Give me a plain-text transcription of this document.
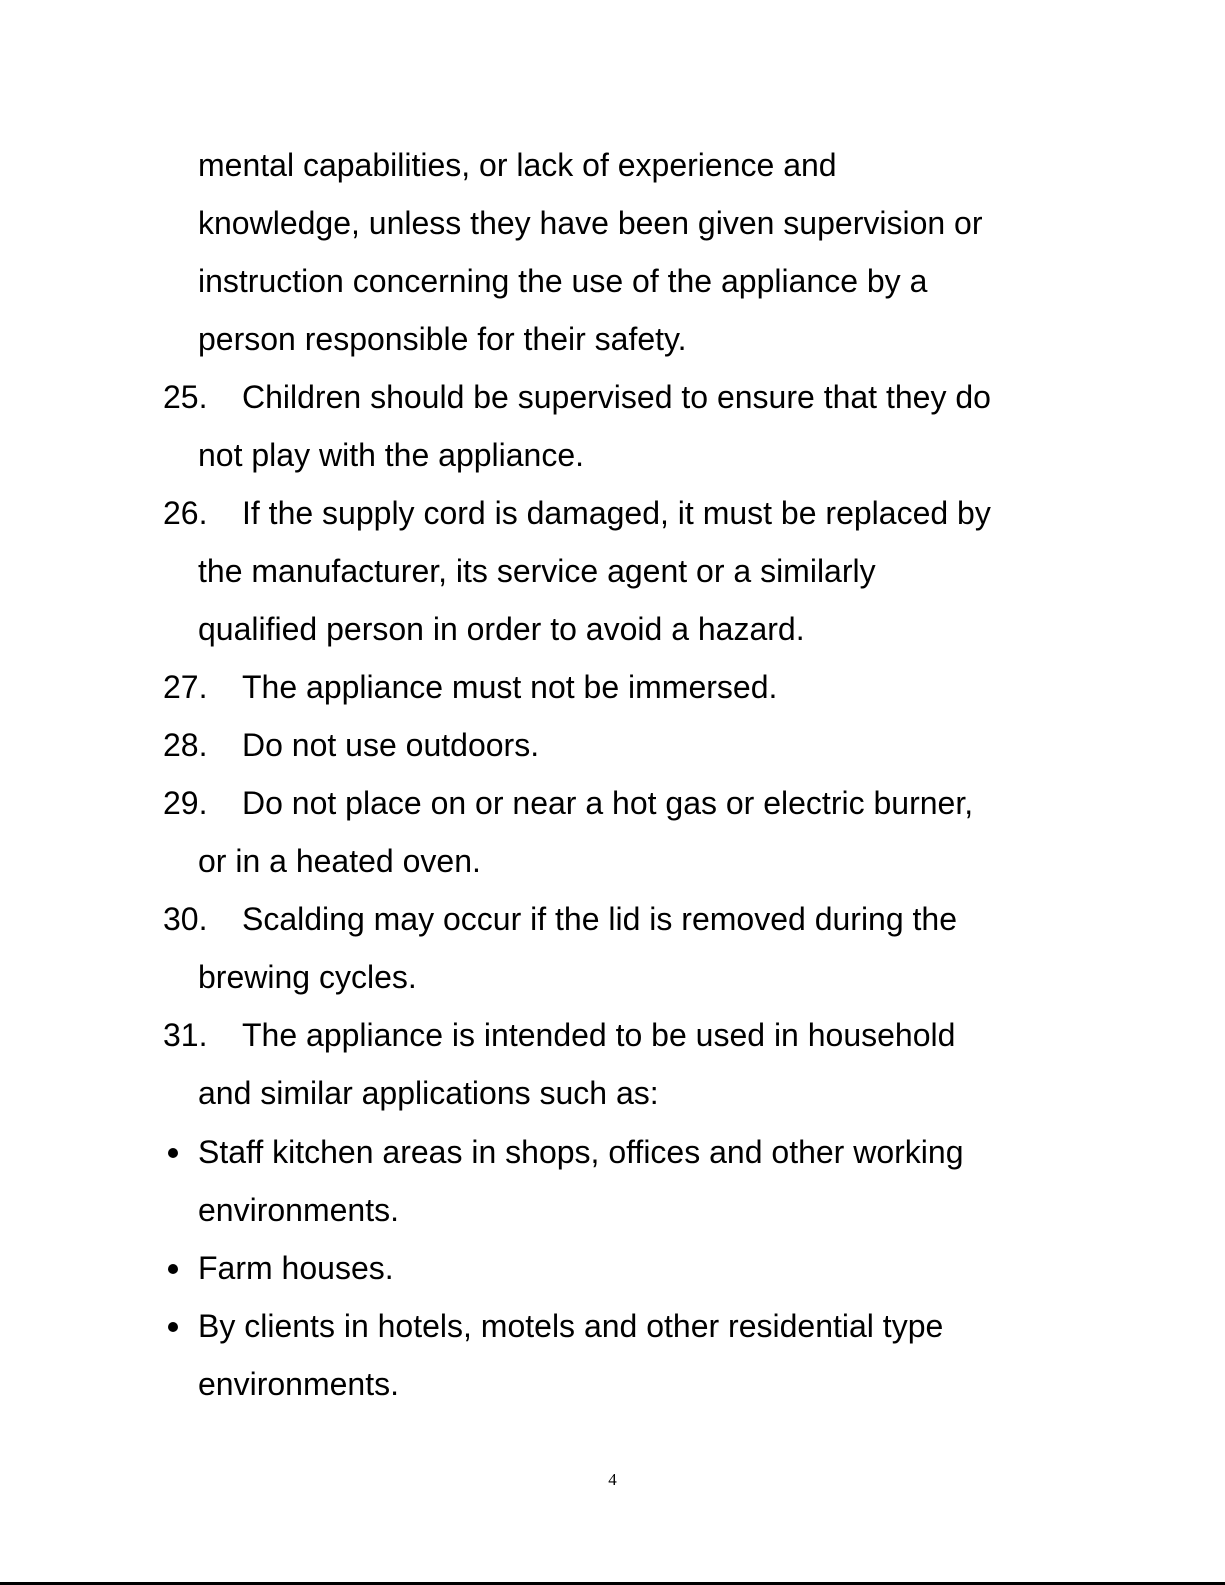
mental capabilities, or lack of experience and
knowledge, unless they have been given supervision or
instruction concerning the use of the appliance by a
person responsible for their safety.
25. Children should be supervised to ensure that they do
not play with the appliance.
26. If the supply cord is damaged, it must be replaced by
the manufacturer, its service agent or a similarly
qualified person in order to avoid a hazard.
27. The appliance must not be immersed.
28. Do not use outdoors.
29. Do not place on or near a hot gas or electric burner,
or in a heated oven.
30. Scalding may occur if the lid is removed during the
brewing cycles.
31. The appliance is intended to be used in household
and similar applications such as:
Staff kitchen areas in shops, offices and other working
environments.
Farm houses.
By clients in hotels, motels and other residential type
environments.
4
